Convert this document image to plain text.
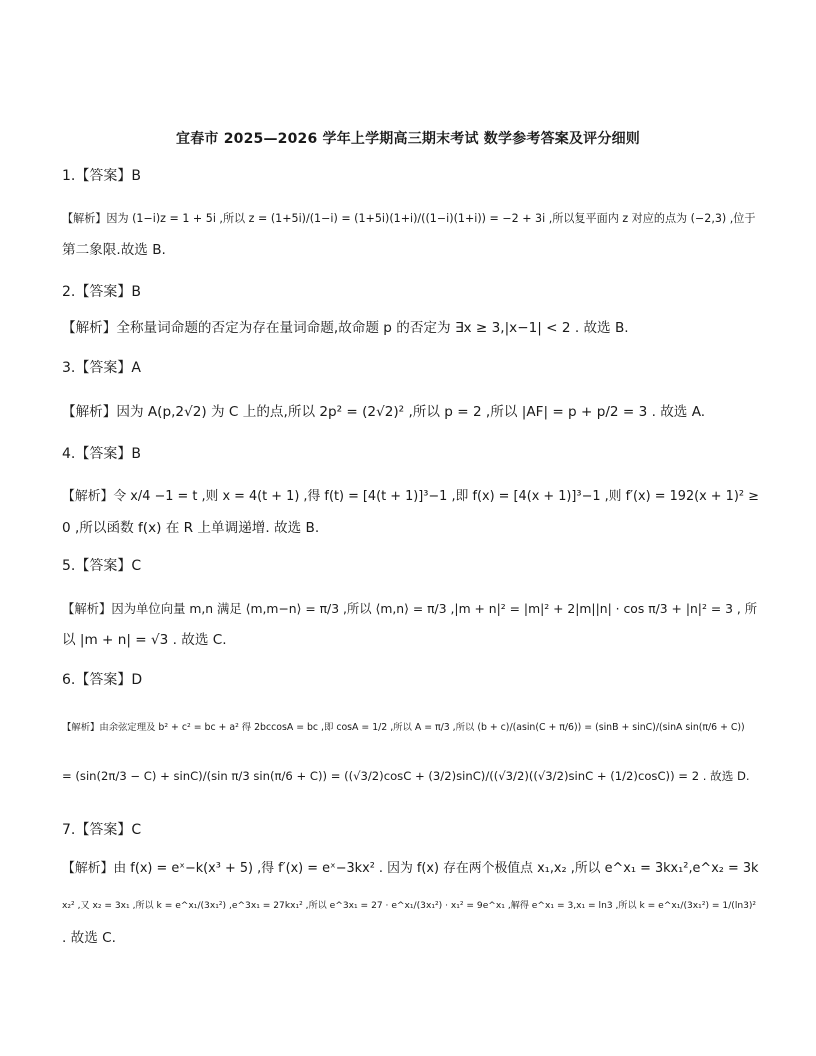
宜春市 2025—2026 学年上学期高三期末考试 数学参考答案及评分细则
1.【答案】B
【解析】因为 (1−i)z = 1 + 5i ,所以 z = (1+5i)/(1−i) = (1+5i)(1+i)/((1−i)(1+i)) = −2 + 3i ,所以复平面内 z 对应的点为 (−2,3) ,位于
第二象限.故选 B.
2.【答案】B
【解析】全称量词命题的否定为存在量词命题,故命题 p 的否定为 ∃x ≥ 3,|x−1| < 2 . 故选 B.
3.【答案】A
【解析】因为 A(p,2√2) 为 C 上的点,所以 2p² = (2√2)² ,所以 p = 2 ,所以 |AF| = p + p/2 = 3 . 故选 A.
4.【答案】B
【解析】令 x/4 −1 = t ,则 x = 4(t + 1) ,得 f(t) = [4(t + 1)]³−1 ,即 f(x) = [4(x + 1)]³−1 ,则 f′(x) = 192(x + 1)² ≥
0 ,所以函数 f(x) 在 R 上单调递增. 故选 B.
5.【答案】C
【解析】因为单位向量 m,n 满足 ⟨m,m−n⟩ = π/3 ,所以 ⟨m,n⟩ = π/3 ,|m + n|² = |m|² + 2|m||n| · cos π/3 + |n|² = 3 , 所
以 |m + n| = √3 . 故选 C.
6.【答案】D
【解析】由余弦定理及 b² + c² = bc + a² 得 2bccosA = bc ,即 cosA = 1/2 ,所以 A = π/3 ,所以 (b + c)/(asin(C + π/6)) = (sinB + sinC)/(sinA sin(π/6 + C))
= (sin(2π/3 − C) + sinC)/(sin π/3 sin(π/6 + C)) = ((√3/2)cosC + (3/2)sinC)/((√3/2)((√3/2)sinC + (1/2)cosC)) = 2 . 故选 D.
7.【答案】C
【解析】由 f(x) = eˣ−k(x³ + 5) ,得 f′(x) = eˣ−3kx² . 因为 f(x) 存在两个极值点 x₁,x₂ ,所以 e^x₁ = 3kx₁²,e^x₂ = 3k
x₂² ,又 x₂ = 3x₁ ,所以 k = e^x₁/(3x₁²) ,e^3x₁ = 27kx₁² ,所以 e^3x₁ = 27 · e^x₁/(3x₁²) · x₁² = 9e^x₁ ,解得 e^x₁ = 3,x₁ = ln3 ,所以 k = e^x₁/(3x₁²) = 1/(ln3)²
. 故选 C.
